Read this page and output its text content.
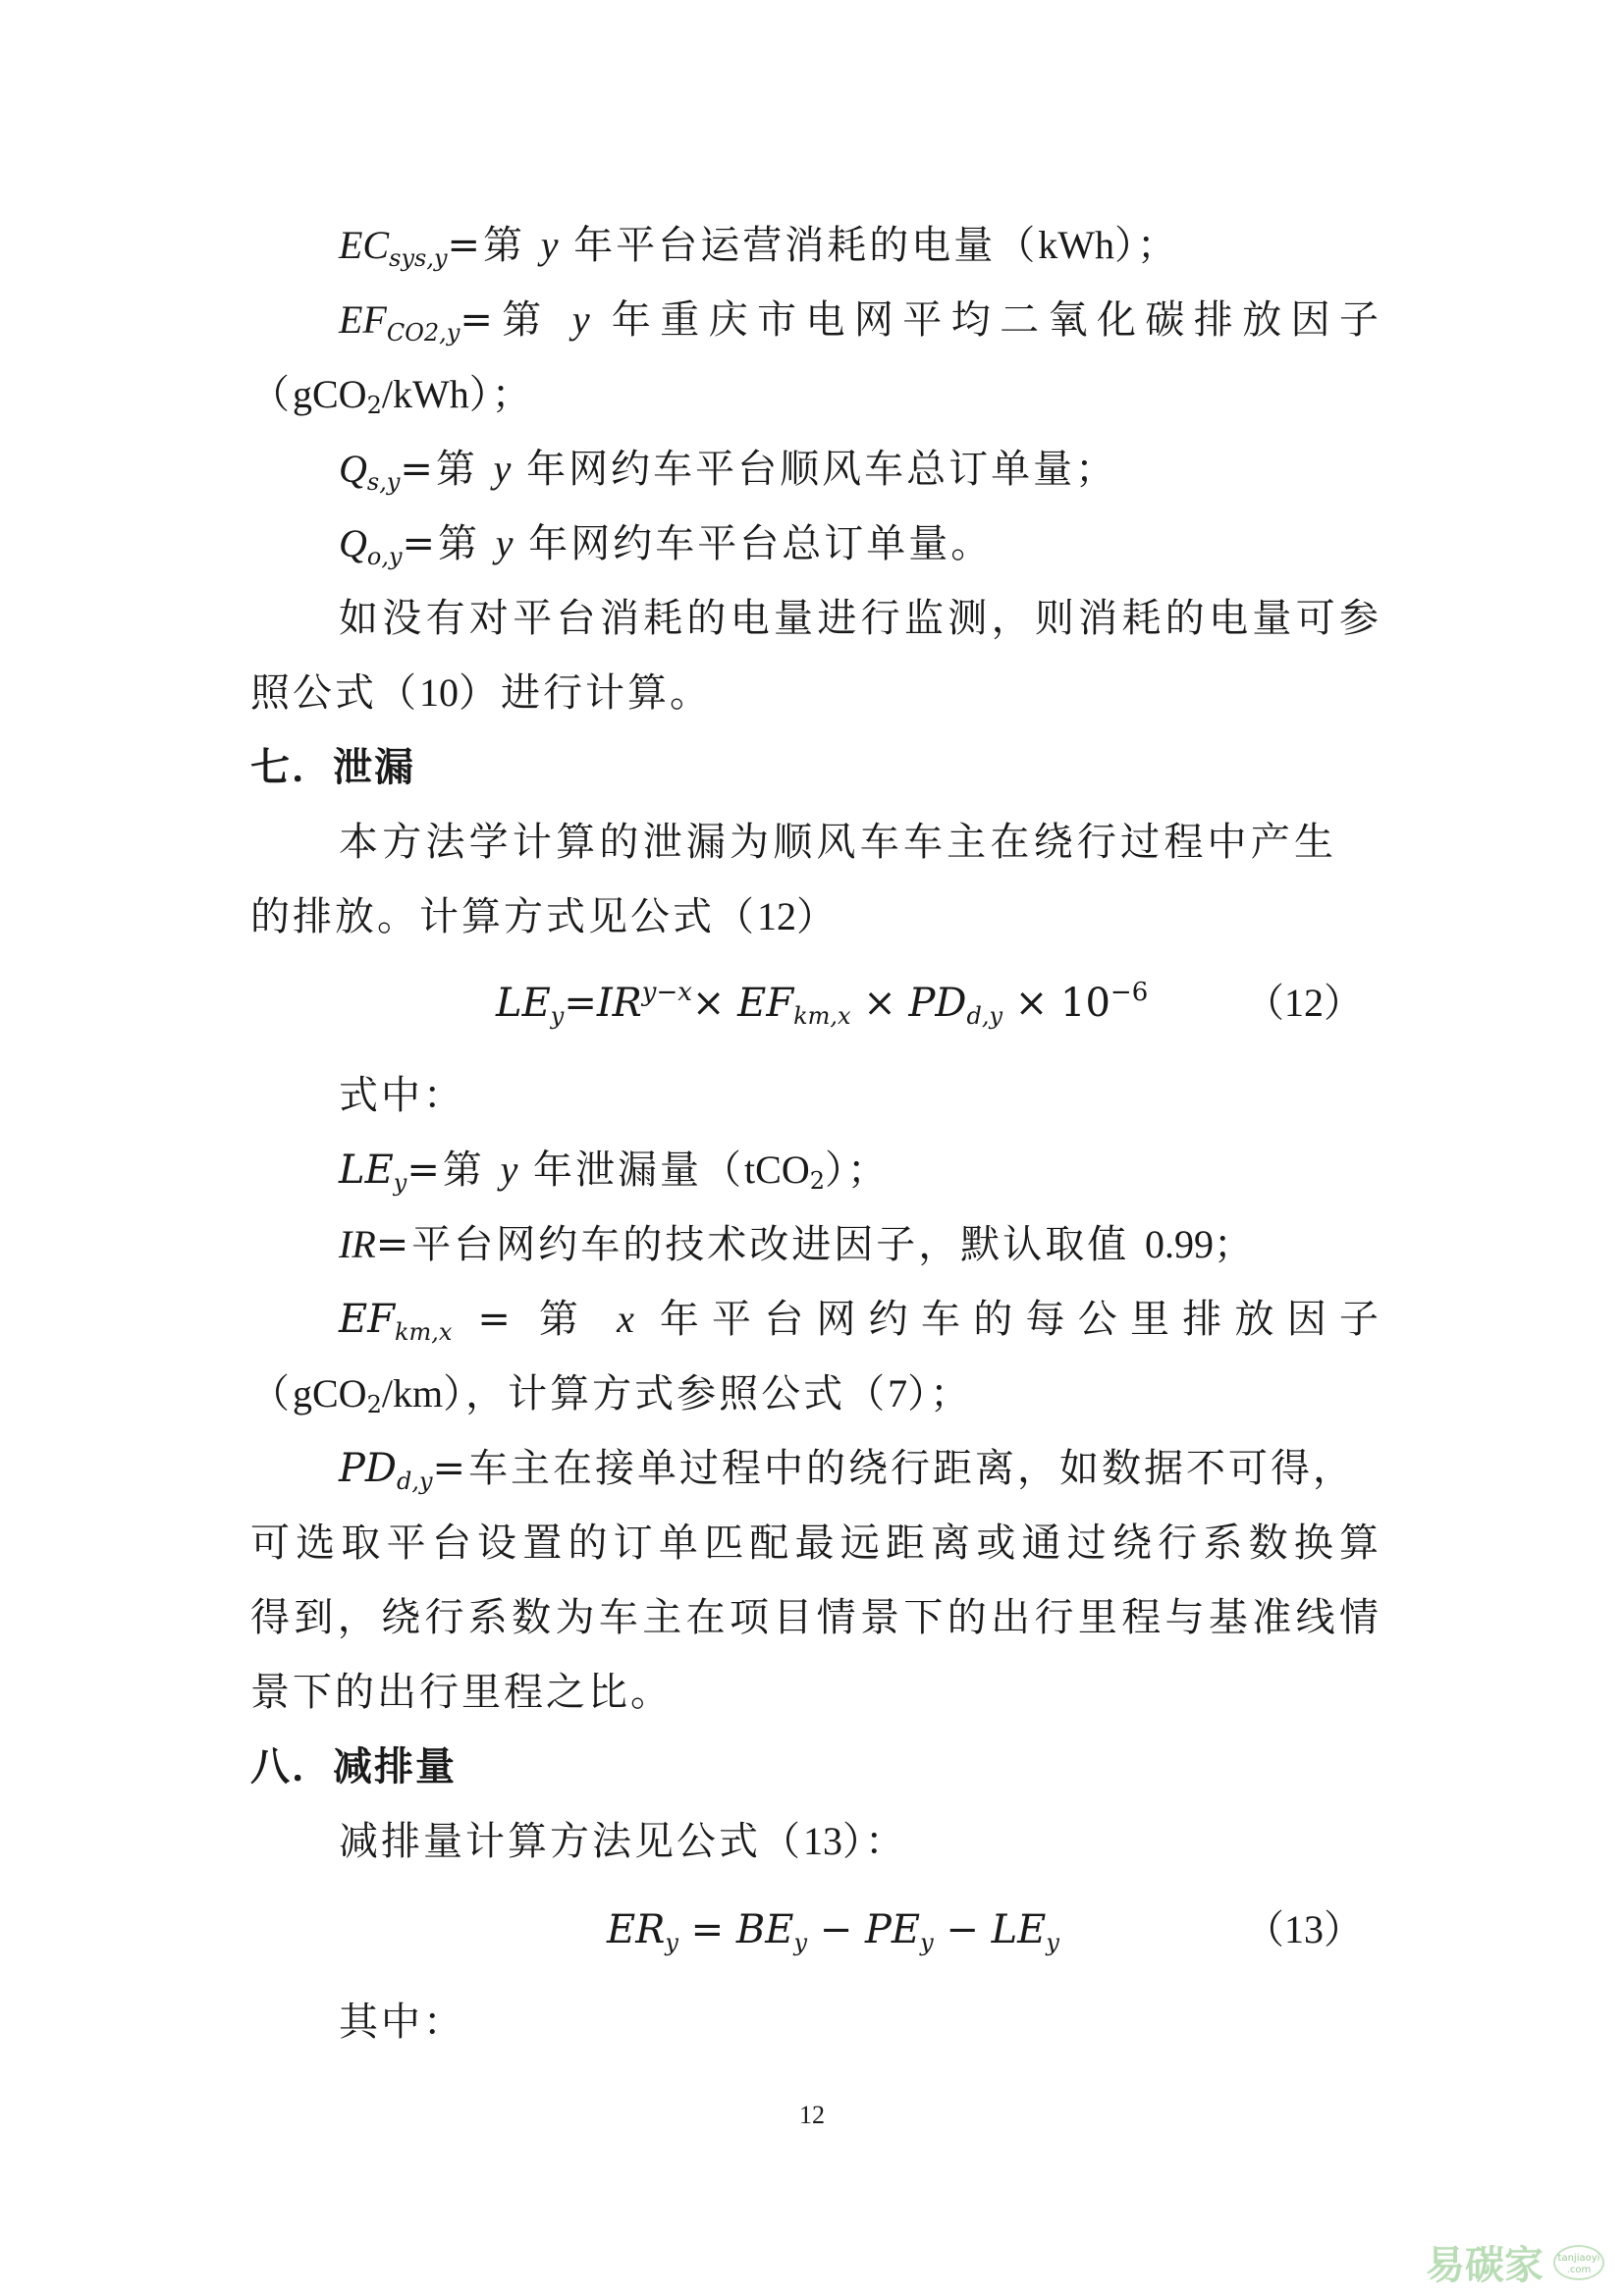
$EC_{sys,y}=$第 y 年平台运营消耗的电量（kWh）；
$EF_{CO2,y}=$第 y 年重庆市电网平均二氧化碳排放因子
（gCO$_2$/kWh）；
$Q_{s,y}=$第 y 年网约车平台顺风车总订单量；
$Q_{o,y}=$第 y 年网约车平台总订单量。
如没有对平台消耗的电量进行监测，则消耗的电量可参
照公式（10）进行计算。
七．泄漏
本方法学计算的泄漏为顺风车车主在绕行过程中产生
的排放。计算方式见公式（12）
$LE_y=IR^{y-x}\times EF_{km,x} \times PD_{d,y} \times 10^{-6}$ （12）
式中：
$LE_y=$第 y 年泄漏量（tCO$_2$）；
IR=平台网约车的技术改进因子，默认取值 0.99；
$EF_{km,x}$ = 第 x 年平台网约车的每公里排放因子
（gCO$_2$/km），计算方式参照公式（7）；
$PD_{d,y}=$车主在接单过程中的绕行距离，如数据不可得，
可选取平台设置的订单匹配最远距离或通过绕行系数换算
得到，绕行系数为车主在项目情景下的出行里程与基准线情
景下的出行里程之比。
八．减排量
减排量计算方法见公式（13）：
$ER_y = BE_y - PE_y - LE_y$	（13）
其中：
12
易碳家	tanjiaoyi .com
